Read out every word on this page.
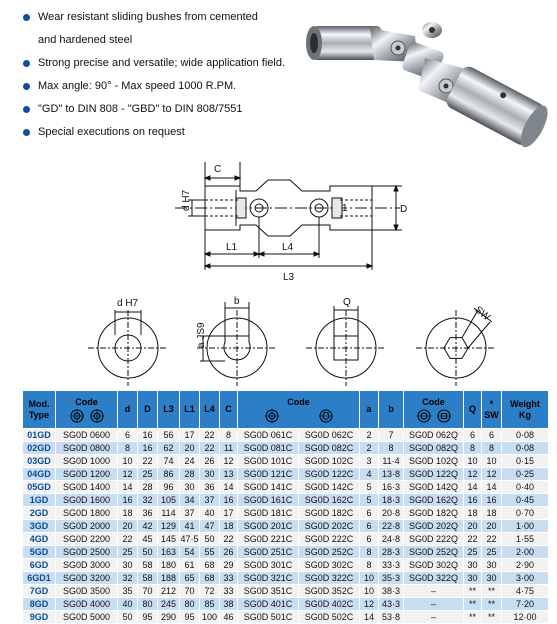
Wear resistant sliding bushes from cemented
and hardened steel
Strong precise and versatile; wide application field.
Max angle: 90° - Max speed 1000 R.PM.
"GD" to DIN 808 - "GBD" to DIN 808/7551
Special executions on request
C
d H7	D
1
L1	L4
L3
d H7	b
a JS9
Q
SW
Mod.
Type	Code	d	D	L3	L1	L4	C	Code		a	b	Code	Q	*
SW	Weight
Kg
01GD	SG0D 0600	6	16	56	17	22	8	SG0D 061C	SG0D 062C	2	7	SG0D 062Q	6	6	0·08
02GD	SG0D 0800	8	16	62	20	22	11	SG0D 081C	SG0D 082C	2	8	SG0D 082Q	8	8	0·08
03GD	SG0D 1000	10	22	74	24	26	12	SG0D 101C	SG0D 102C	3	11·4	SG0D 102Q	10	10	0·15
04GD	SG0D 1200	12	25	86	28	30	13	SG0D 121C	SG0D 122C	4	13·8	SG0D 122Q	12	12	0·25
05GD	SG0D 1400	14	28	96	30	36	14	SG0D 141C	SG0D 142C	5	16·3	SG0D 142Q	14	14	0·40
1GD	SG0D 1600	16	32	105	34	37	16	SG0D 161C	SG0D 162C	5	18·3	SG0D 162Q	16	16	0·45
2GD	SG0D 1800	18	36	114	37	40	17	SG0D 181C	SG0D 182C	6	20·8	SG0D 182Q	18	18	0·70
3GD	SG0D 2000	20	42	129	41	47	18	SG0D 201C	SG0D 202C	6	22·8	SG0D 202Q	20	20	1·00
4GD	SG0D 2200	22	45	145	47·5	50	22	SG0D 221C	SG0D 222C	6	24·8	SG0D 222Q	22	22	1·55
5GD	SG0D 2500	25	50	163	54	55	26	SG0D 251C	SG0D 252C	8	28·3	SG0D 252Q	25	25	2·00
6GD	SG0D 3000	30	58	180	61	68	29	SG0D 301C	SG0D 302C	8	33·3	SG0D 302Q	30	30	2·90
6GD1	SG0D 3200	32	58	188	65	68	33	SG0D 321C	SG0D 322C	10	35·3	SG0D 322Q	30	30	3·00
7GD	SG0D 3500	35	70	212	70	72	33	SG0D 351C	SG0D 352C	10	38·3	–	**	**	4·75
8GD	SG0D 4000	40	80	245	80	85	38	SG0D 401C	SG0D 402C	12	43·3	–	**	**	7·20
9GD	SG0D 5000	50	95	290	95	100	46	SG0D 501C	SG0D 502C	14	53·8	–	**	**	12·00
